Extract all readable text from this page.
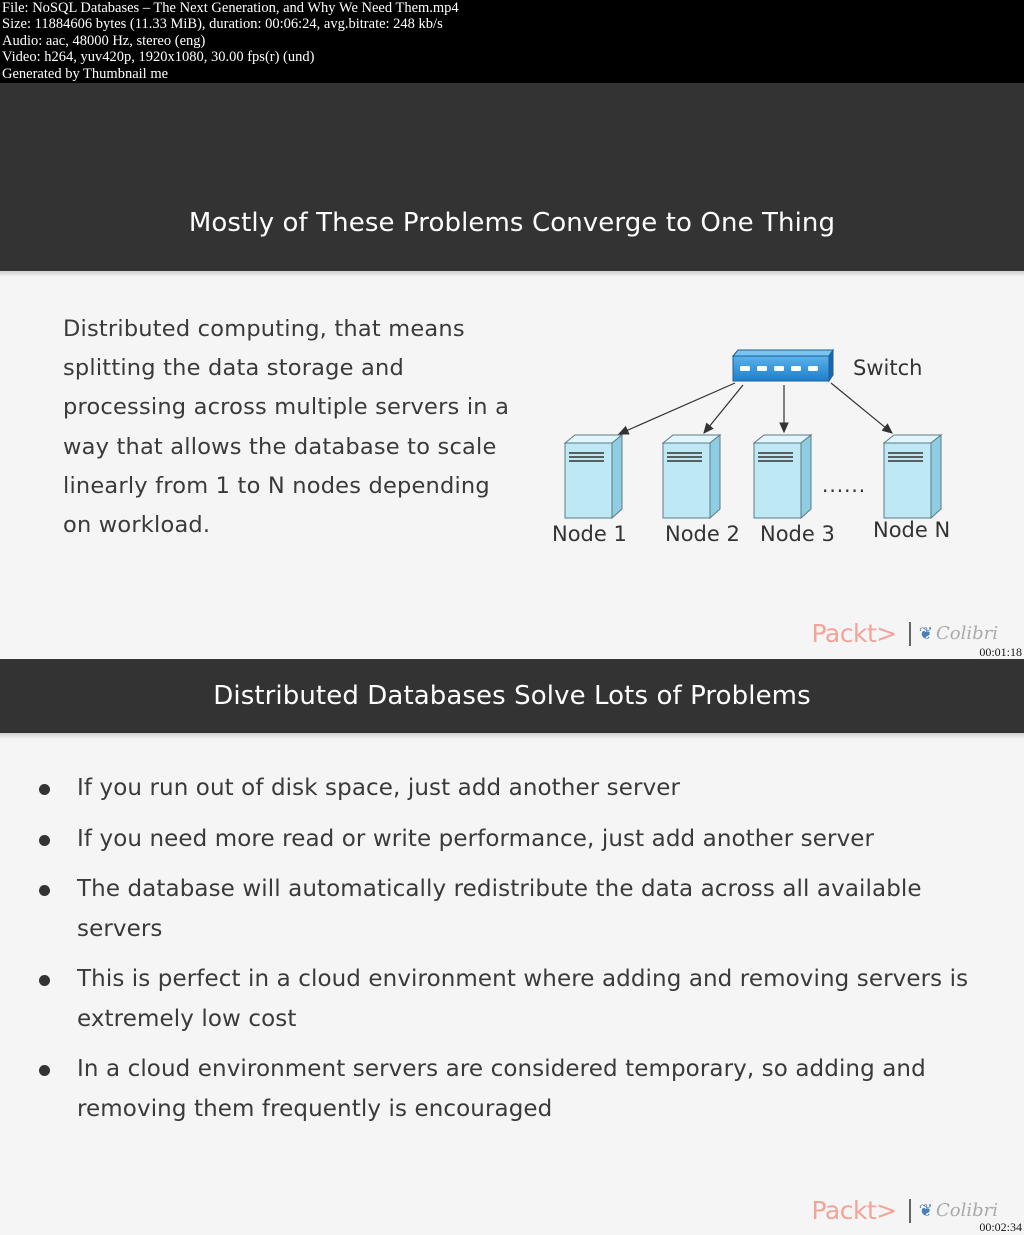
File: NoSQL Databases – The Next Generation, and Why We Need Them.mp4
Size: 11884606 bytes (11.33 MiB), duration: 00:06:24, avg.bitrate: 248 kb/s
Audio: aac, 48000 Hz, stereo (eng)
Video: h264, yuv420p, 1920x1080, 30.00 fps(r) (und)
Generated by Thumbnail me
Mostly of These Problems Converge to One Thing
Distributed computing, that means splitting the data storage and processing across multiple servers in a way that allows the database to scale linearly from 1 to N nodes depending on workload.
Switch
......
Node 1 Node 2 Node 3 Node N
Packt> ❦ Colibri
00:01:18
Distributed Databases Solve Lots of Problems
If you run out of disk space, just add another server
If you need more read or write performance, just add another server
The database will automatically redistribute the data across all available servers
This is perfect in a cloud environment where adding and removing servers is extremely low cost
In a cloud environment servers are considered temporary, so adding and removing them frequently is encouraged
Packt> ❦ Colibri
00:02:34
